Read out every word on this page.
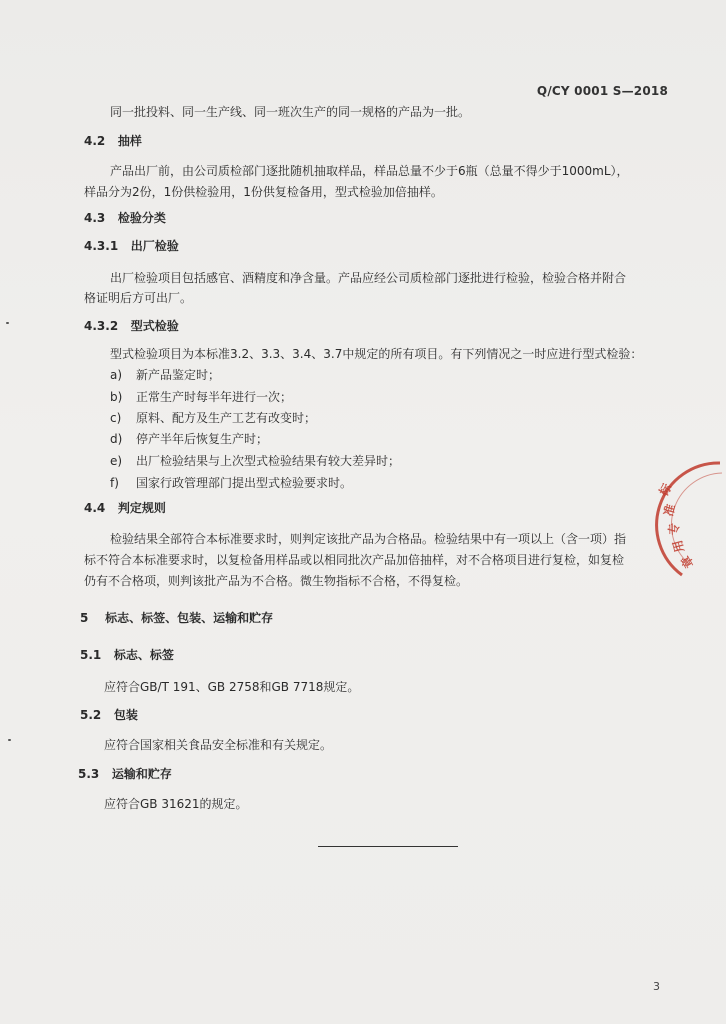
Q/CY 0001 S—2018
同一批投料、同一生产线、同一班次生产的同一规格的产品为一批。
4.2 抽样
产品出厂前，由公司质检部门逐批随机抽取样品，样品总量不少于6瓶（总量不得少于1000mL），
样品分为2份，1份供检验用，1份供复检备用，型式检验加倍抽样。
4.3 检验分类
4.3.1 出厂检验
出厂检验项目包括感官、酒精度和净含量。产品应经公司质检部门逐批进行检验，检验合格并附合
格证明后方可出厂。
4.3.2 型式检验
型式检验项目为本标准3.2、3.3、3.4、3.7中规定的所有项目。有下列情况之一时应进行型式检验：
a) 新产品鉴定时；
b) 正常生产时每半年进行一次；
c) 原料、配方及生产工艺有改变时；
d) 停产半年后恢复生产时；
e) 出厂检验结果与上次型式检验结果有较大差异时；
f) 国家行政管理部门提出型式检验要求时。
4.4 判定规则
检验结果全部符合本标准要求时，则判定该批产品为合格品。检验结果中有一项以上（含一项）指
标不符合本标准要求时，以复检备用样品或以相同批次产品加倍抽样，对不合格项目进行复检，如复检
仍有不合格项，则判该批产品为不合格。微生物指标不合格，不得复检。
5 标志、标签、包装、运输和贮存
5.1 标志、标签
应符合GB/T 191、GB 2758和GB 7718规定。
5.2 包装
应符合国家相关食品安全标准和有关规定。
5.3 运输和贮存
应符合GB 31621的规定。
3
标
准
专
用
章
